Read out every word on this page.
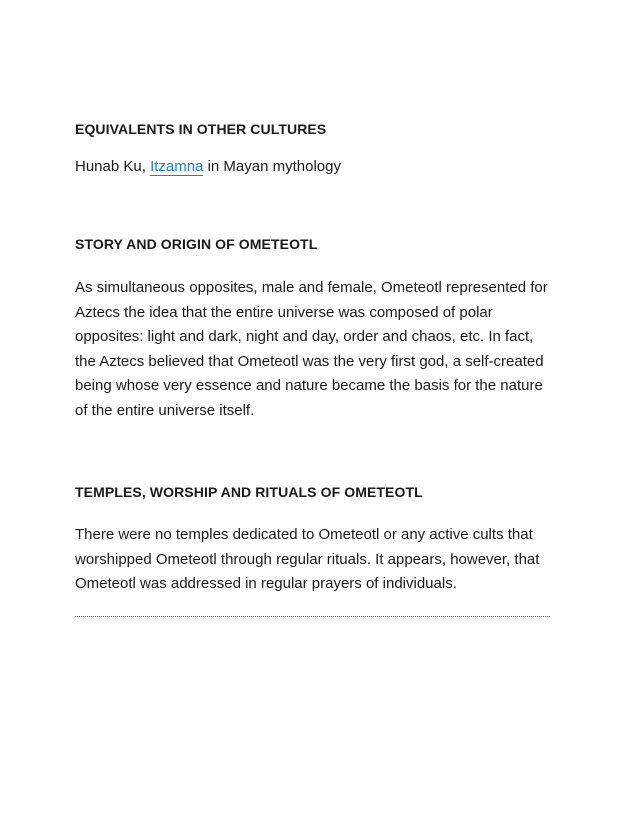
EQUIVALENTS IN OTHER CULTURES
Hunab Ku, Itzamna in Mayan mythology
STORY AND ORIGIN OF OMETEOTL
As simultaneous opposites, male and female, Ometeotl represented for
Aztecs the idea that the entire universe was composed of polar
opposites: light and dark, night and day, order and chaos, etc. In fact,
the Aztecs believed that Ometeotl was the very first god, a self-created
being whose very essence and nature became the basis for the nature
of the entire universe itself.
TEMPLES, WORSHIP AND RITUALS OF OMETEOTL
There were no temples dedicated to Ometeotl or any active cults that
worshipped Ometeotl through regular rituals. It appears, however, that
Ometeotl was addressed in regular prayers of individuals.
